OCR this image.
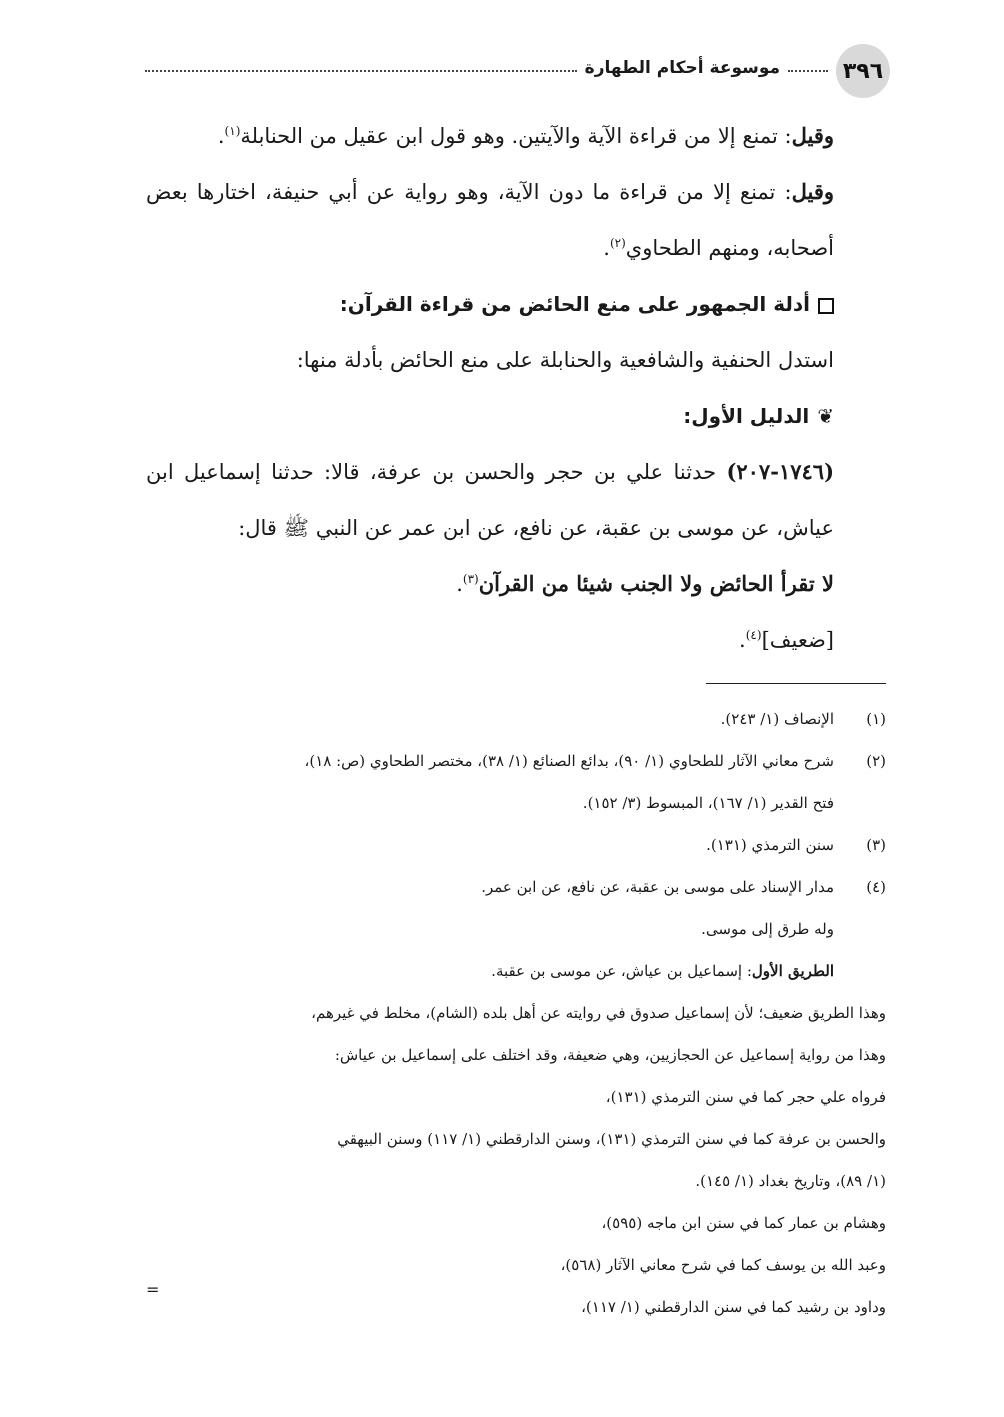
٣٩٦
موسوعة أحكام الطهارة

وقيل: تمنع إلا من قراءة الآية والآيتين. وهو قول ابن عقيل من الحنابلة$^{(١)}$.

وقيل: تمنع إلا من قراءة ما دون الآية، وهو رواية عن أبي حنيفة، اختارها بعض أصحابه، ومنهم الطحاوي$^{(٢)}$.

أدلة الجمهور على منع الحائض من قراءة القرآن:

استدل الحنفية والشافعية والحنابلة على منع الحائض بأدلة منها:

❦الدليل الأول:

(١٧٤٦-٢٠٧) حدثنا علي بن حجر والحسن بن عرفة، قالا: حدثنا إسماعيل ابن عياش، عن موسى بن عقبة، عن نافع، عن ابن عمر عن النبي ﷺ قال:

لا تقرأ الحائض ولا الجنب شيئا من القرآن$^{(٣)}$.

[ضعيف]$^{(٤)}$.

(١)

الإنصاف (١/ ٢٤٣).

(٢)

شرح معاني الآثار للطحاوي (١/ ٩٠)، بدائع الصنائع (١/ ٣٨)، مختصر الطحاوي (ص: ١٨)،

فتح القدير (١/ ١٦٧)، المبسوط (٣/ ١٥٢).

(٣)

سنن الترمذي (١٣١).

(٤)

مدار الإسناد على موسى بن عقبة، عن نافع، عن ابن عمر.

وله طرق إلى موسى.

الطريق الأول: إسماعيل بن عياش، عن موسى بن عقبة.

وهذا الطريق ضعيف؛ لأن إسماعيل صدوق في روايته عن أهل بلده (الشام)، مخلط في غيرهم،

وهذا من رواية إسماعيل عن الحجازيين، وهي ضعيفة، وقد اختلف على إسماعيل بن عياش:

فرواه علي حجر كما في سنن الترمذي (١٣١)،

والحسن بن عرفة كما في سنن الترمذي (١٣١)، وسنن الدارقطني (١/ ١١٧) وسنن البيهقي

(١/ ٨٩)، وتاريخ بغداد (١/ ١٤٥).

وهشام بن عمار كما في سنن ابن ماجه (٥٩٥)،

وعبد الله بن يوسف كما في شرح معاني الآثار (٥٦٨)،

وداود بن رشيد كما في سنن الدارقطني (١/ ١١٧)،

=
